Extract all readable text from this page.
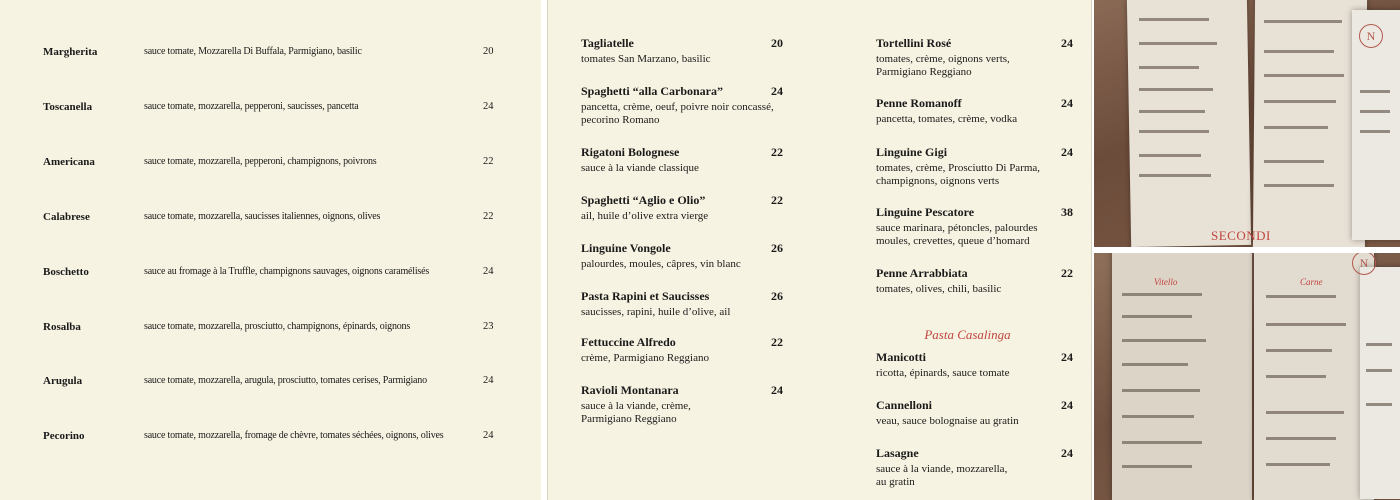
Margherita	sauce tomate, Mozzarella Di Buffala, Parmigiano, basilic	20
Toscanella	sauce tomate, mozzarella, pepperoni, saucisses, pancetta	24
Americana	sauce tomate, mozzarella, pepperoni, champignons, poivrons	22
Calabrese	sauce tomate, mozzarella, saucisses italiennes, oignons, olives	22
Boschetto	sauce au fromage à la Truffle, champignons sauvages, oignons caramélisés	24
Rosalba	sauce tomate, mozzarella, prosciutto, champignons, épinards, oignons	23
Arugula	sauce tomate, mozzarella, arugula, prosciutto, tomates cerises, Parmigiano	24
Pecorino	sauce tomate, mozzarella, fromage de chèvre, tomates séchées, oignons, olives	24
Tagliatelle	20
tomates San Marzano, basilic
Spaghetti “alla Carbonara”	24
pancetta, crème, oeuf, poivre noir concassé, pecorino Romano
Rigatoni Bolognese	22
sauce à la viande classique
Spaghetti “Aglio e Olio”	22
ail, huile d’olive extra vierge
Linguine Vongole	26
palourdes, moules, câpres, vin blanc
Pasta Rapini et Saucisses	26
saucisses, rapini, huile d’olive, ail
Fettuccine Alfredo	22
crème, Parmigiano Reggiano
Ravioli Montanara	24
sauce à la viande, crème, Parmigiano Reggiano
Tortellini Rosé	24
tomates, crème, oignons verts, Parmigiano Reggiano
Penne Romanoff	24
pancetta, tomates, crème, vodka
Linguine Gigi	24
tomates, crème, Prosciutto Di Parma, champignons, oignons verts
Linguine Pescatore	38
sauce marinara, pétoncles, palourdes moules, crevettes, queue d’homard
Penne Arrabbiata	22
tomates, olives, chili, basilic
Pasta Casalinga
Manicotti	24
ricotta, épinards, sauce tomate
Cannelloni	24
veau, sauce bolognaise au gratin
Lasagne	24
sauce à la viande, mozzarella, au gratin
N
SECONDI
Vitello	Carne
N
